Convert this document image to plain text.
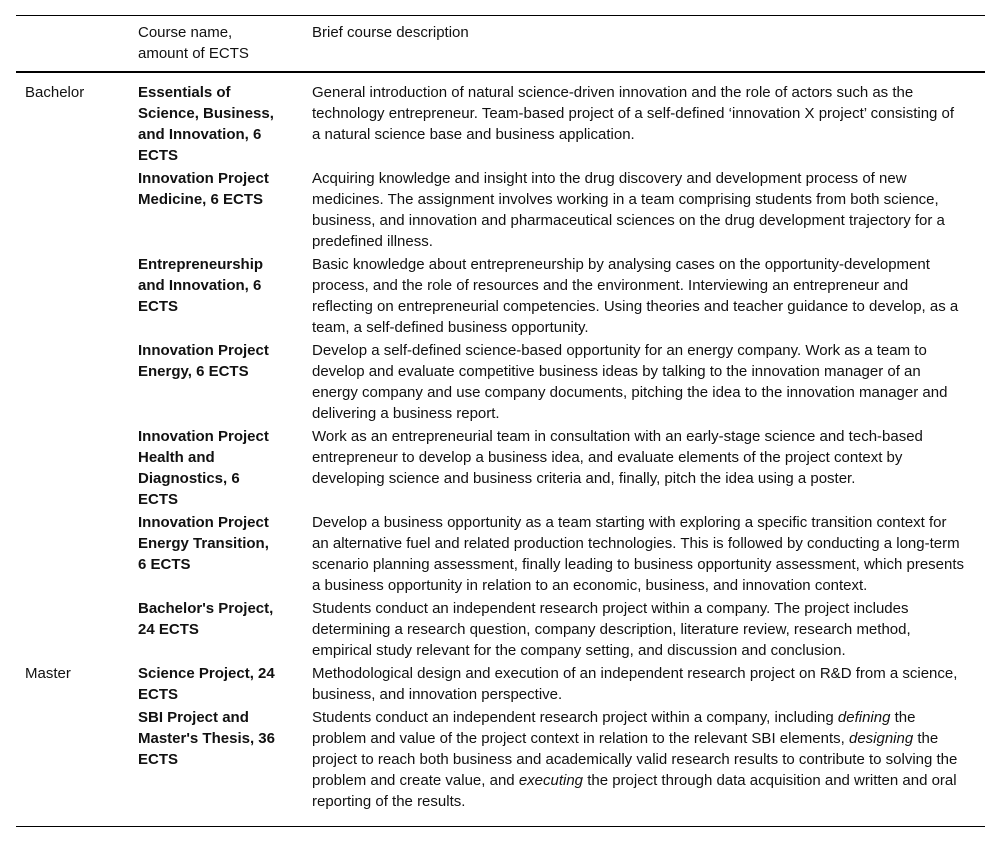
	Course name, amount of ECTS	Brief course description
Bachelor	Essentials of Science, Business, and Innovation, 6 ECTS	General introduction of natural science-driven innovation and the role of actors such as the technology entrepreneur. Team-based project of a self-defined ‘innovation X project’ consisting of a natural science base and business application.

	Innovation Project Medicine, 6 ECTS	Acquiring knowledge and insight into the drug discovery and development process of new medicines. The assignment involves working in a team comprising students from both science, business, and innovation and pharmaceutical sciences on the drug development trajectory for a predefined illness.

	Entrepreneurship and Innovation, 6 ECTS	Basic knowledge about entrepreneurship by analysing cases on the opportunity-development process, and the role of resources and the environment. Interviewing an entrepreneur and reflecting on entrepreneurial competencies. Using theories and teacher guidance to develop, as a team, a self-defined business opportunity.

	Innovation Project Energy, 6 ECTS	Develop a self-defined science-based opportunity for an energy company. Work as a team to develop and evaluate competitive business ideas by talking to the innovation manager of an energy company and use company documents, pitching the idea to the innovation manager and delivering a business report.

	Innovation Project Health and Diagnostics, 6 ECTS	Work as an entrepreneurial team in consultation with an early-stage science and tech-based entrepreneur to develop a business idea, and evaluate elements of the project context by developing science and business criteria and, finally, pitch the idea using a poster.

	Innovation Project Energy Transition, 6 ECTS	Develop a business opportunity as a team starting with exploring a specific transition context for an alternative fuel and related production technologies. This is followed by conducting a long-term scenario planning assessment, finally leading to business opportunity assessment, which presents a business opportunity in relation to an economic, business, and innovation context.

	Bachelor's Project, 24 ECTS	Students conduct an independent research project within a company. The project includes determining a research question, company description, literature review, research method, empirical study relevant for the company setting, and discussion and conclusion.
Master	Science Project, 24 ECTS	Methodological design and execution of an independent research project on R&D from a science, business, and innovation perspective.

	SBI Project and Master's Thesis, 36 ECTS	Students conduct an independent research project within a company, including defining the problem and value of the project context in relation to the relevant SBI elements, designing the project to reach both business and academically valid research results to contribute to solving the problem and create value, and executing the project through data acquisition and written and oral reporting of the results.
